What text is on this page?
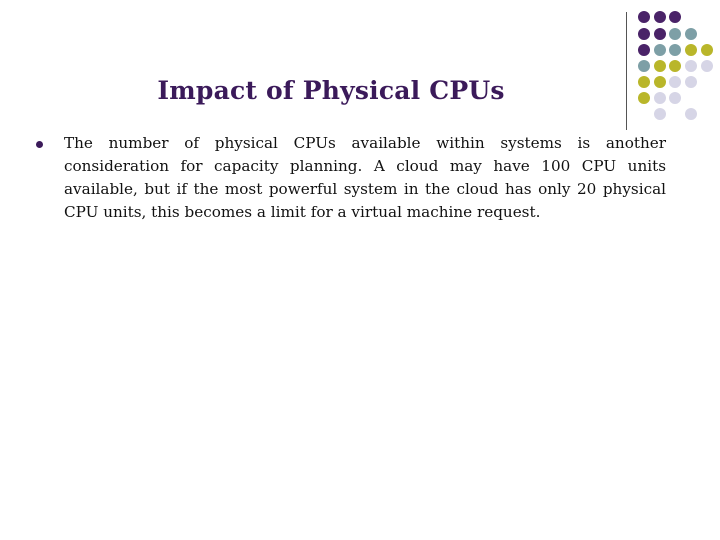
Impact of Physical CPUs
The number of physical CPUs available within systems is another consideration for capacity planning. A cloud may have 100 CPU units available, but if the most powerful system in the cloud has only 20 physical CPU units, this becomes a limit for a virtual machine request.
